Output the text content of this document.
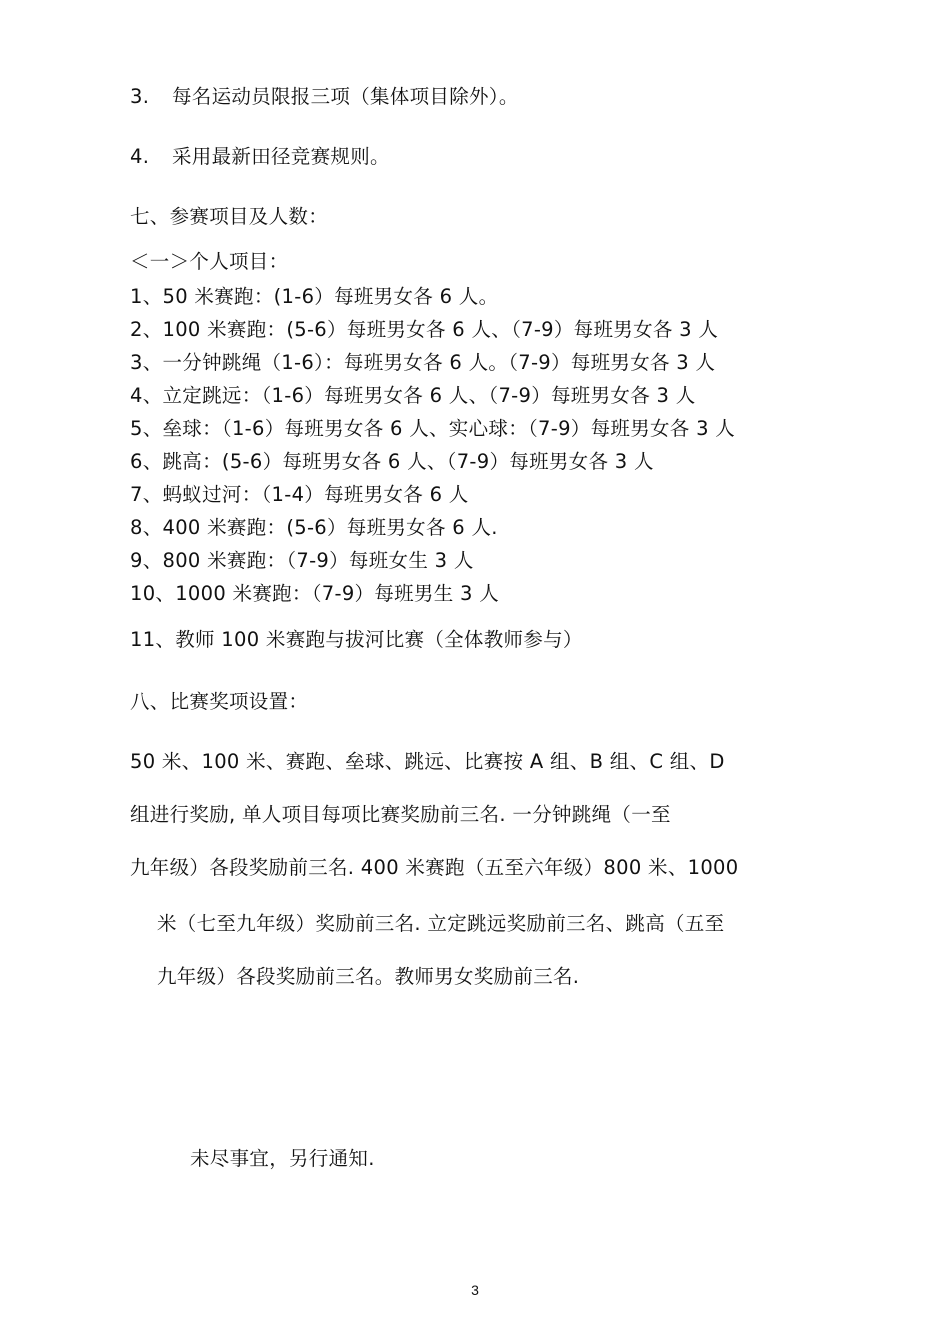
3. 每名运动员限报三项（集体项目除外）。
4. 采用最新田径竞赛规则。
七、参赛项目及人数：
＜一＞个人项目：
1、50 米赛跑：(1-6）每班男女各 6 人。
2、100 米赛跑：(5-6）每班男女各 6 人、（7-9）每班男女各 3 人
3、一分钟跳绳（1-6）：每班男女各 6 人。（7-9）每班男女各 3 人
4、立定跳远：（1-6）每班男女各 6 人、（7-9）每班男女各 3 人
5、垒球：（1-6）每班男女各 6 人、实心球：（7-9）每班男女各 3 人
6、跳高：(5-6）每班男女各 6 人、（7-9）每班男女各 3 人
7、蚂蚁过河：（1-4）每班男女各 6 人
8、400 米赛跑：(5-6）每班男女各 6 人.
9、800 米赛跑：（7-9）每班女生 3 人
10、1000 米赛跑：（7-9）每班男生 3 人
11、教师 100 米赛跑与拔河比赛（全体教师参与）
八、比赛奖项设置：
50 米、100 米、赛跑、垒球、跳远、比赛按 A 组、B 组、C 组、D
组进行奖励, 单人项目每项比赛奖励前三名. 一分钟跳绳（一至
九年级）各段奖励前三名. 400 米赛跑（五至六年级）800 米、1000
米（七至九年级）奖励前三名. 立定跳远奖励前三名、跳高（五至
九年级）各段奖励前三名。教师男女奖励前三名.
未尽事宜，另行通知.
3
